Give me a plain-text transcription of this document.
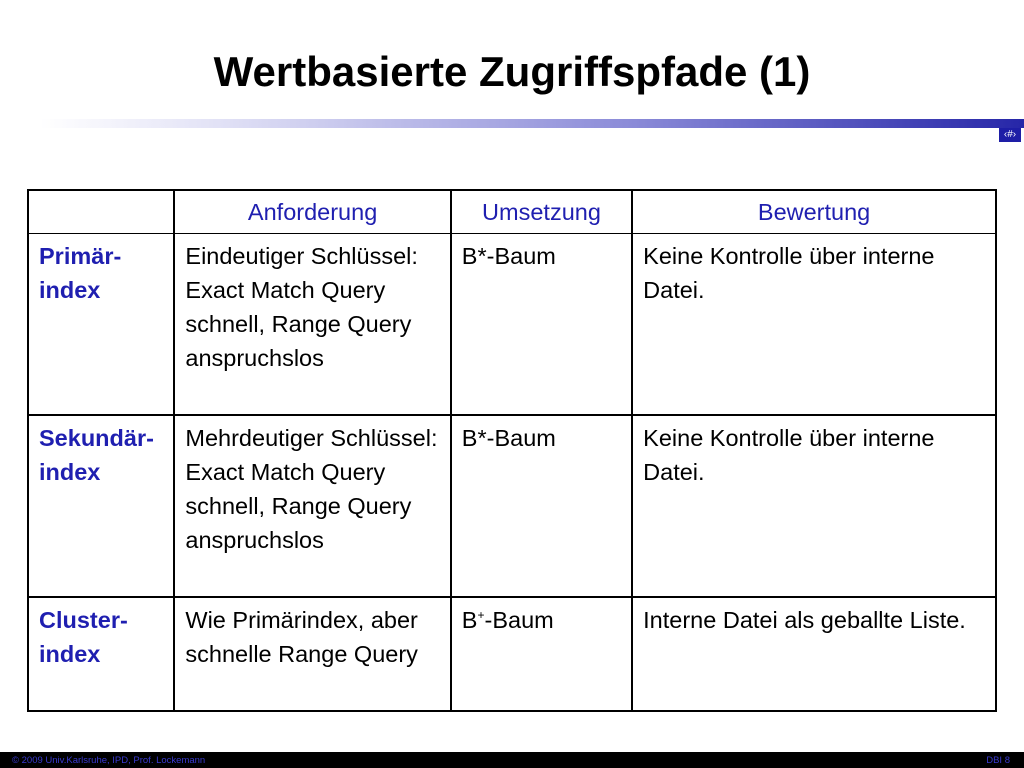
Wertbasierte Zugriffspfade (1)
‹#›
	Anforderung	Umsetzung	Bewertung
Primär-index	Eindeutiger Schlüssel: Exact Match Query schnell, Range Query anspruchslos	B*-Baum	Keine Kontrolle über interne Datei.
Sekundär-index	Mehrdeutiger Schlüssel: Exact Match Query schnell, Range Query anspruchslos	B*-Baum	Keine Kontrolle über interne Datei.
Cluster-index	Wie Primärindex, aber schnelle Range Query	B+-Baum	Interne Datei als geballte Liste.
© 2009 Univ.Karlsruhe, IPD, Prof. Lockemann	DBI 8
